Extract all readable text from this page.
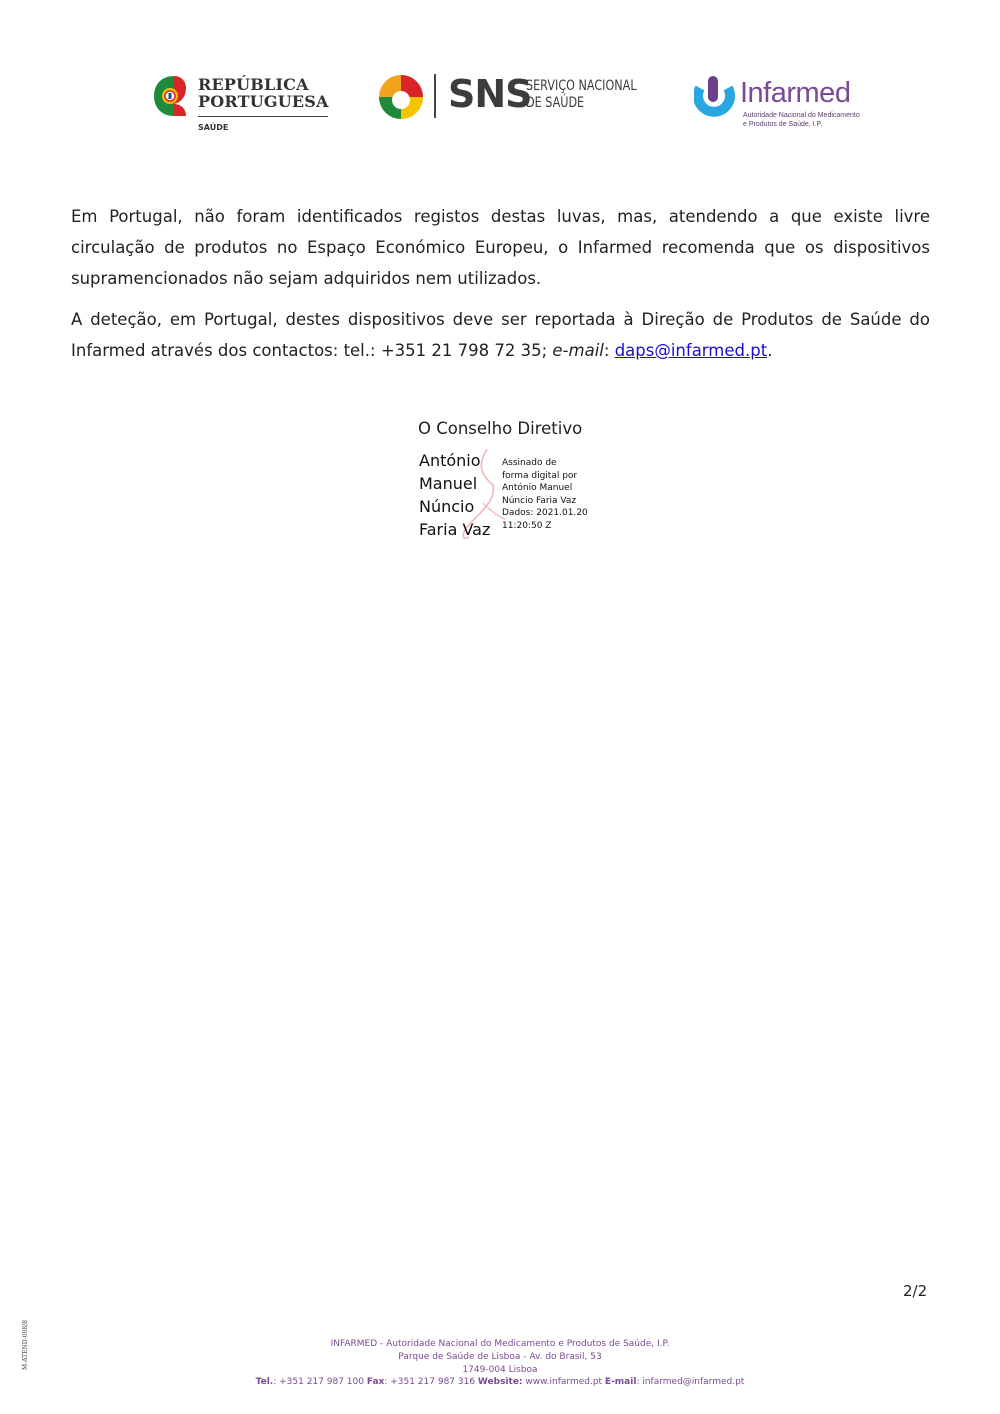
REPÚBLICA
PORTUGUESA
SAÚDE
SNS
SERVIÇO NACIONAL
DE SAÚDE	Infarmed
Autoridade Nacional do Medicamento
e Produtos de Saúde, I.P.

Em Portugal, não foram identificados registos destas luvas, mas, atendendo a que existe livre circulação de produtos no Espaço Económico Europeu, o Infarmed recomenda que os dispositivos supramencionados não sejam adquiridos nem utilizados.

A deteção, em Portugal, destes dispositivos deve ser reportada à Direção de Produtos de Saúde do Infarmed através dos contactos: tel.: +351 21 798 72 35; e-mail: daps@infarmed.pt.

O Conselho Diretivo
António
Manuel
Núncio
Faria Vaz
Assinado de
forma digital por
António Manuel
Núncio Faria Vaz
Dados: 2021.01.20
11:20:50 Z
2/2
M-ATEND-008/8	INFARMED - Autoridade Nacional do Medicamento e Produtos de Saúde, I.P.
Parque de Saúde de Lisboa - Av. do Brasil, 53
1749-004 Lisboa
Tel.: +351 217 987 100 Fax: +351 217 987 316 Website: www.infarmed.pt E-mail: infarmed@infarmed.pt
